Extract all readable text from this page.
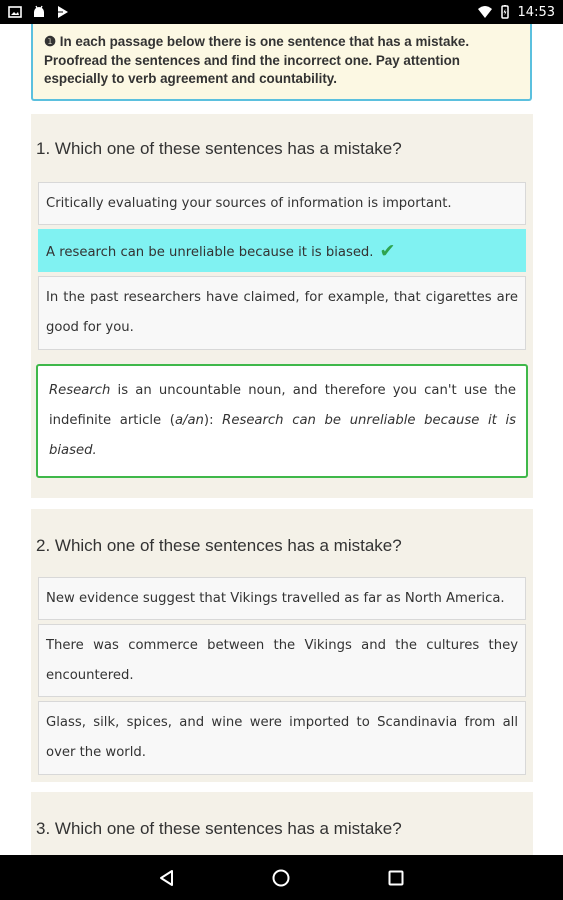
14:53
❶ In each passage below there is one sentence that has a mistake. Proofread the sentences and find the incorrect one. Pay attention especially to verb agreement and countability.
1. Which one of these sentences has a mistake?
Critically evaluating your sources of information is important.
A research can be unreliable because it is biased. ✔
In the past researchers have claimed, for example, that cigarettes are good for you.
Research is an uncountable noun, and therefore you can't use the indefinite article (a/an): Research can be unreliable because it is biased.
2. Which one of these sentences has a mistake?
New evidence suggest that Vikings travelled as far as North America.
There was commerce between the Vikings and the cultures they encountered.
Glass, silk, spices, and wine were imported to Scandinavia from all over the world.
3. Which one of these sentences has a mistake?
